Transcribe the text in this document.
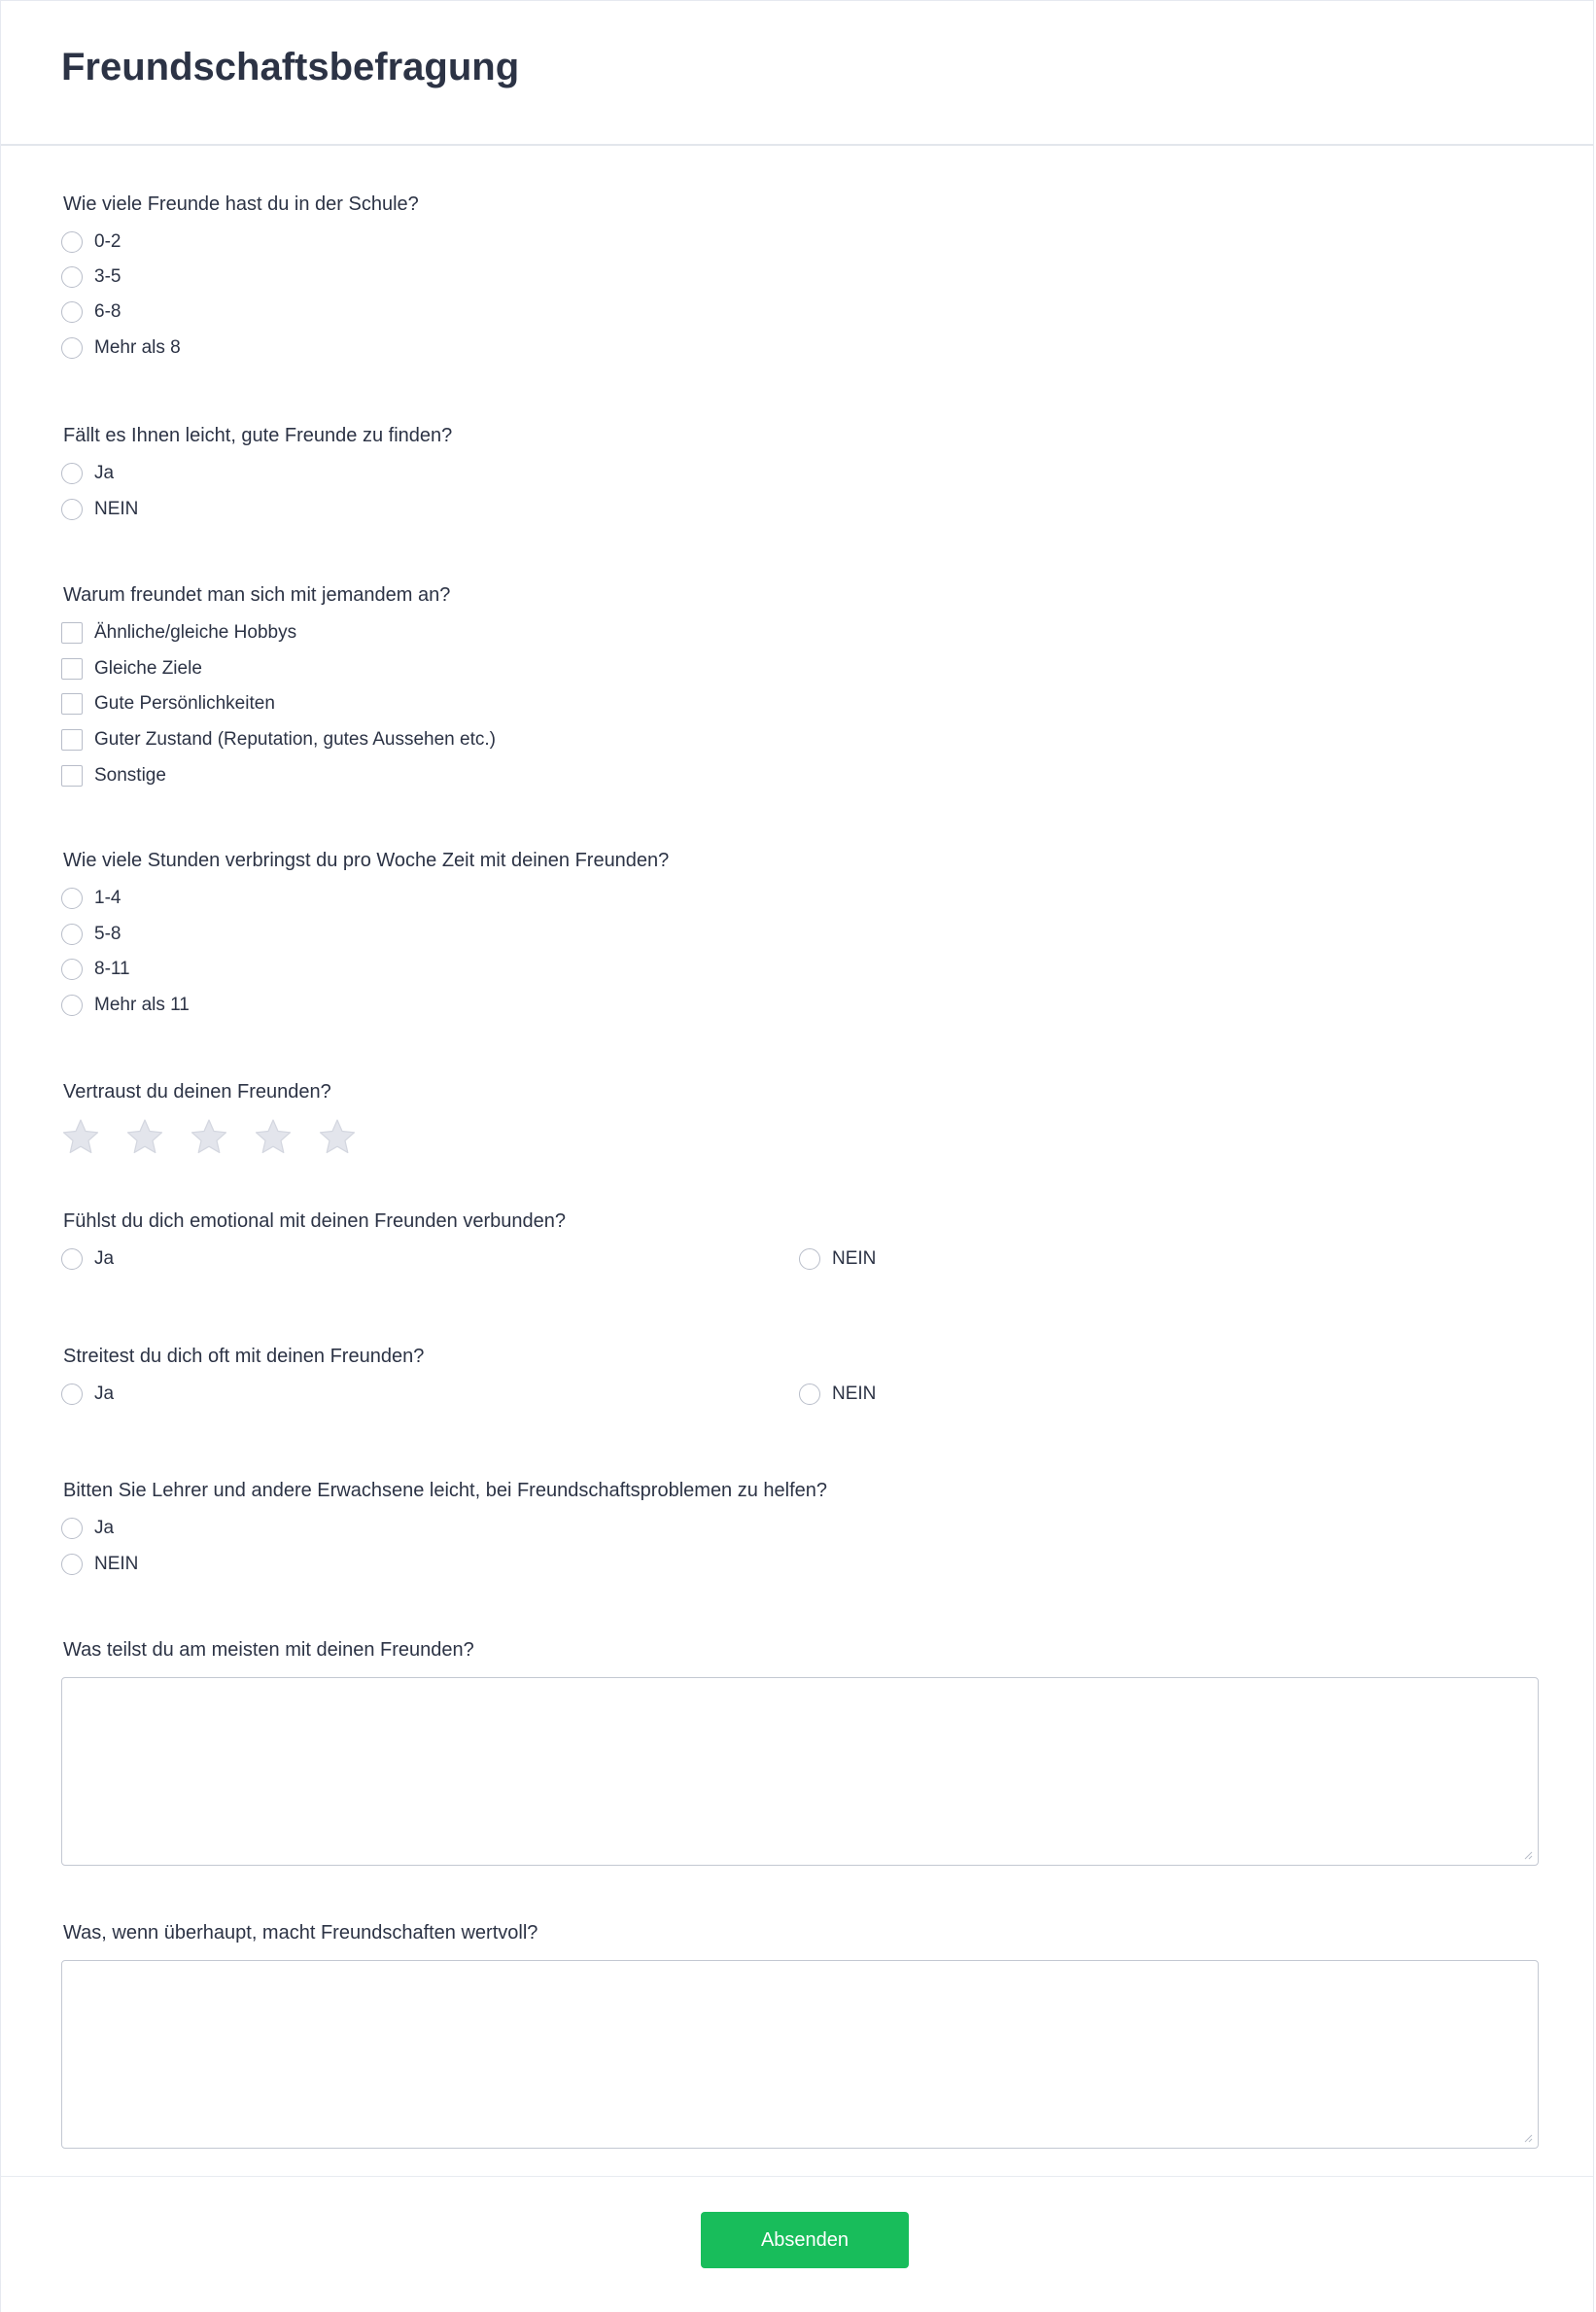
Freundschaftsbefragung

Wie viele Freunde hast du in der Schule?

0-2
3-5
6-8
Mehr als 8

Fällt es Ihnen leicht, gute Freunde zu finden?

Ja
NEIN

Warum freundet man sich mit jemandem an?

Ähnliche/gleiche Hobbys
Gleiche Ziele
Gute Persönlichkeiten
Guter Zustand (Reputation, gutes Aussehen etc.)
Sonstige

Wie viele Stunden verbringst du pro Woche Zeit mit deinen Freunden?

1-4
5-8
8-11
Mehr als 11

Vertraust du deinen Freunden?

Fühlst du dich emotional mit deinen Freunden verbunden?

Ja	NEIN

Streitest du dich oft mit deinen Freunden?

Ja	NEIN

Bitten Sie Lehrer und andere Erwachsene leicht, bei Freundschaftsproblemen zu helfen?

Ja
NEIN

Was teilst du am meisten mit deinen Freunden?

Was, wenn überhaupt, macht Freundschaften wertvoll?

Absenden
